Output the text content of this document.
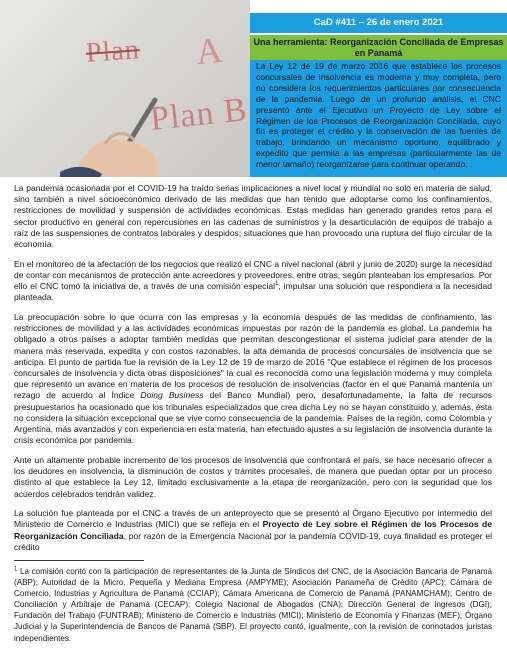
Plan A
Plan B
CaD #411 – 26 de enero 2021
Una herramienta: Reorganización Conciliada de Empresas en Panamá
La Ley 12 de 19 de marzo 2016 que establece los procesos concursales de insolvencia es moderna y muy completa, pero no considera los requerimientos particulares por consecuencia de la pandemia. Luego de un profundo análisis, el CNC presentó ante el Ejecutivo un Proyecto de Ley sobre el Régimen de los Procesos de Reorganización Conciliada, cuyo fin es proteger el crédito y la conservación de las fuentes de trabajo, brindando un mecanismo oportuno, equilibrado y expedito que permita a las empresas (particularmente las de menor tamaño) reorganizarse para continuar operando.

La pandemia ocasionada por el COVID-19 ha traído serias implicaciones a nivel local y mundial no solo en materia de salud, sino también a nivel socioeconómico derivado de las medidas que han tenido que adoptarse como los confinamientos, restricciones de movilidad y suspensión de actividades económicas. Estas medidas han generado grandes retos para el sector productivo en general con repercusiones en las cadenas de suministros y la desarticulación de equipos de trabajo a raíz de las suspensiones de contratos laborales y despidos; situaciones que han provocado una ruptura del flujo circular de la economía.

En el monitoreo de la afectación de los negocios que realizó el CNC a nivel nacional (abril y junio de 2020) surge la necesidad de contar con mecanismos de protección ante acreedores y proveedores, entre otras, según planteaban los empresarios. Por ello el CNC tomó la iniciativa de, a través de una comisión especial$^1$, impulsar una solución que respondiera a la necesidad planteada.

La preocupación sobre lo que ocurra con las empresas y la economía después de las medidas de confinamiento, las restricciones de movilidad y a las actividades económicas impuestas por razón de la pandemia es global. La pandemia ha obligado a otros países a adoptar también medidas que permitan descongestionar el sistema judicial para atender de la manera más reservada, expedita y con costos razonables, la alta demanda de procesos concursales de insolvencia que se anticipa. El punto de partida fue la revisión de la Ley 12 de 19 de marzo de 2016 "Que establece el régimen de los procesos concursales de insolvencia y dicta otras disposiciones" la cual es reconocida como una legislación moderna y muy completa que representó un avance en materia de los procesos de resolución de insolvencias (factor en el que Panamá mantenía un rezago de acuerdo al Índice Doing Business del Banco Mundial) pero, desafortunadamente, la falta de recursos presupuestarios ha ocasionado que los tribunales especializados que crea dicha Ley no se hayan constituido y, además, ésta no considera la situación excepcional que se vive como consecuencia de la pandemia. Países de la región, como Colombia y Argentina, más avanzados y con experiencia en esta materia, han efectuado ajustes a su legislación de insolvencia durante la crisis económica por pandemia.

Ante un altamente probable incremento de los procesos de insolvencia que confrontará el país, se hace necesario ofrecer a los deudores en insolvencia, la disminución de costos y trámites procesales, de manera que puedan optar por un proceso distinto al que establece la Ley 12, limitado exclusivamente a la etapa de reorganización, pero con la seguridad que los acuerdos celebrados tendrán validez.

La solución fue planteada por el CNC a través de un anteproyecto que se presentó al Órgano Ejecutivo por intermedio del Ministerio de Comercio e Industrias (MICI) que se refleja en el Proyecto de Ley sobre el Régimen de los Procesos de Reorganización Conciliada, por razón de la Emergencia Nacional por la pandemia COVID-19, cuya finalidad es proteger el crédito

$^1$ La comisión contó con la participación de representantes de la Junta de Síndicos del CNC, de la Asociación Bancaria de Panamá (ABP); Autoridad de la Micro, Pequeña y Mediana Empresa (AMPYME); Asociación Panameña de Crédito (APC); Cámara de Comercio, Industrias y Agricultura de Panamá (CCIAP); Cámara Americana de Comercio de Panamá (PANAMCHAM); Centro de Conciliación y Arbitraje de Panamá (CECAP); Colegio Nacional de Abogados (CNA); Dirección General de Ingresos (DGI); Fundación del Trabajo (FUNTRAB); Ministerio de Comercio e Industrias (MICI); Ministerio de Economía y Finanzas (MEF); Órgano Judicial y la Superintendencia de Bancos de Panamá (SBP). El proyecto contó, igualmente, con la revisión de connotados juristas independientes.
